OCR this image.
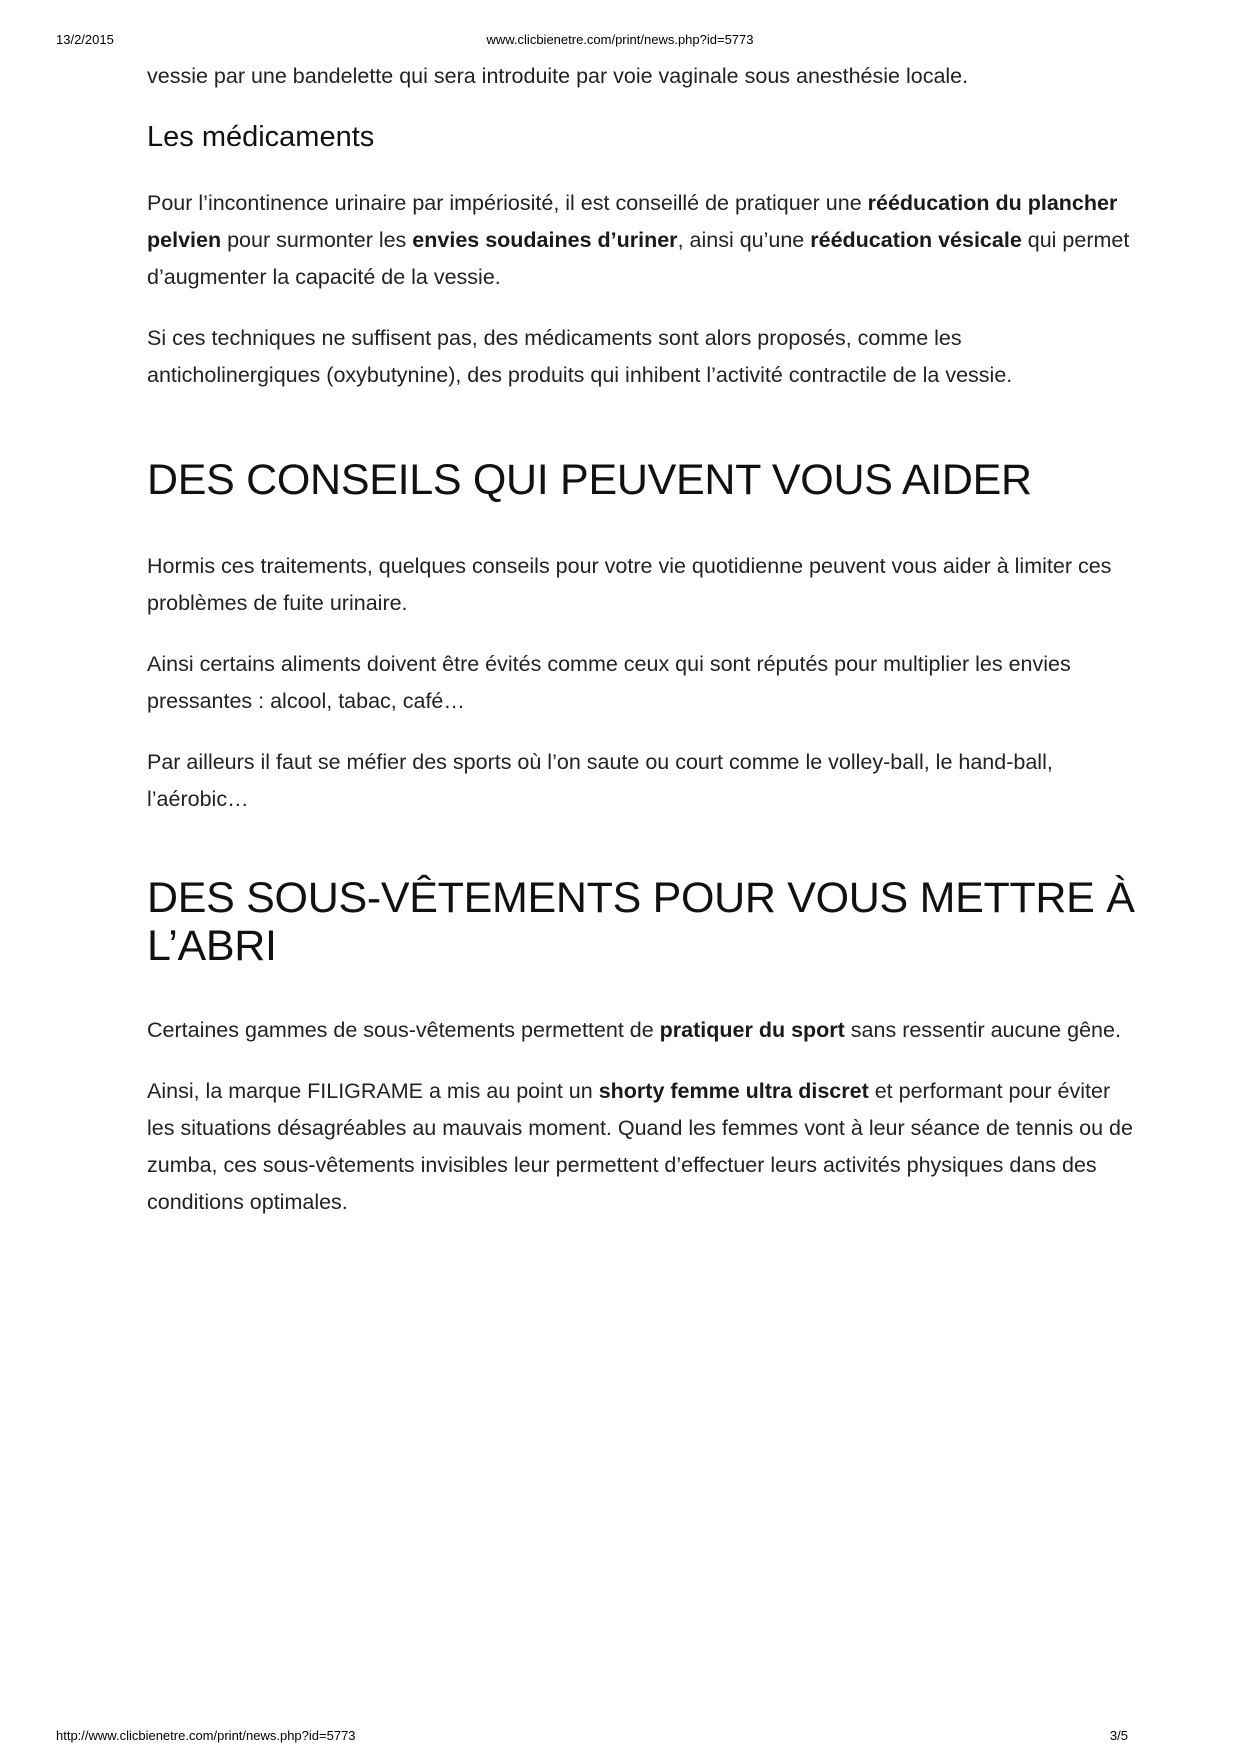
13/2/2015	www.clicbienetre.com/print/news.php?id=5773

vessie par une bandelette qui sera introduite par voie vaginale sous anesthésie locale.

Les médicaments

Pour l’incontinence urinaire par impériosité, il est conseillé de pratiquer une rééducation du plancher pelvien pour surmonter les envies soudaines d’uriner, ainsi qu’une rééducation vésicale qui permet d’augmenter la capacité de la vessie.

Si ces techniques ne suffisent pas, des médicaments sont alors proposés, comme les anticholinergiques (oxybutynine), des produits qui inhibent l’activité contractile de la vessie.

DES CONSEILS QUI PEUVENT VOUS AIDER

Hormis ces traitements, quelques conseils pour votre vie quotidienne peuvent vous aider à limiter ces problèmes de fuite urinaire.

Ainsi certains aliments doivent être évités comme ceux qui sont réputés pour multiplier les envies pressantes : alcool, tabac, café…

Par ailleurs il faut se méfier des sports où l’on saute ou court comme le volley-ball, le hand-ball, l’aérobic…

DES SOUS-VÊTEMENTS POUR VOUS METTRE À L’ABRI

Certaines gammes de sous-vêtements permettent de pratiquer du sport sans ressentir aucune gêne.

Ainsi, la marque FILIGRAME a mis au point un shorty femme ultra discret et performant pour éviter les situations désagréables au mauvais moment. Quand les femmes vont à leur séance de tennis ou de zumba, ces sous-vêtements invisibles leur permettent d’effectuer leurs activités physiques dans des conditions optimales.

http://www.clicbienetre.com/print/news.php?id=5773	3/5
